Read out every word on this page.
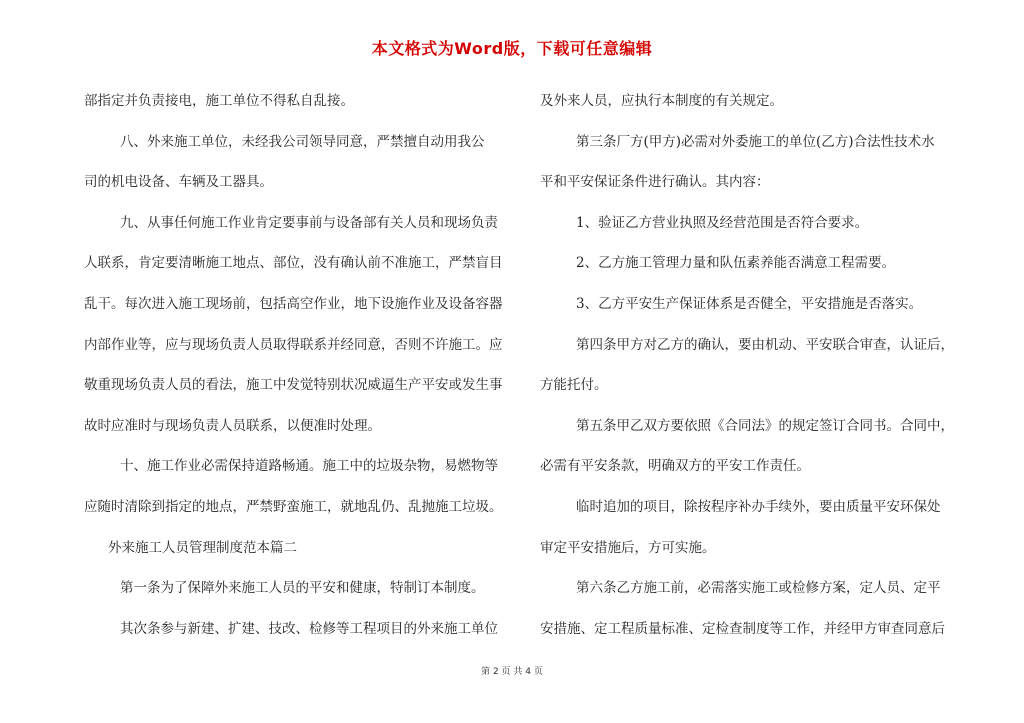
本文格式为Word版，下载可任意编辑
部指定并负责接电，施工单位不得私自乱接。
八、外来施工单位，未经我公司领导同意，严禁擅自动用我公
司的机电设备、车辆及工器具。
九、从事任何施工作业肯定要事前与设备部有关人员和现场负责
人联系，肯定要清晰施工地点、部位，没有确认前不准施工，严禁盲目
乱干。每次进入施工现场前，包括高空作业，地下设施作业及设备容器
内部作业等，应与现场负责人员取得联系并经同意，否则不许施工。应
敬重现场负责人员的看法，施工中发觉特别状况威逼生产平安或发生事
故时应准时与现场负责人员联系，以便准时处理。
十、施工作业必需保持道路畅通。施工中的垃圾杂物，易燃物等
应随时清除到指定的地点，严禁野蛮施工，就地乱仍、乱抛施工垃圾。
外来施工人员管理制度范本篇二
第一条为了保障外来施工人员的平安和健康，特制订本制度。
其次条参与新建、扩建、技改、检修等工程项目的外来施工单位
及外来人员，应执行本制度的有关规定。
第三条厂方(甲方)必需对外委施工的单位(乙方)合法性技术水
平和平安保证条件进行确认。其内容：
1、验证乙方营业执照及经营范围是否符合要求。
2、乙方施工管理力量和队伍素养能否满意工程需要。
3、乙方平安生产保证体系是否健全，平安措施是否落实。
第四条甲方对乙方的确认，要由机动、平安联合审查，认证后，
方能托付。
第五条甲乙双方要依照《合同法》的规定签订合同书。合同中，
必需有平安条款，明确双方的平安工作责任。
临时追加的项目，除按程序补办手续外，要由质量平安环保处
审定平安措施后，方可实施。
第六条乙方施工前，必需落实施工或检修方案，定人员、定平
安措施、定工程质量标准、定检查制度等工作，并经甲方审查同意后
第 2 页 共 4 页
